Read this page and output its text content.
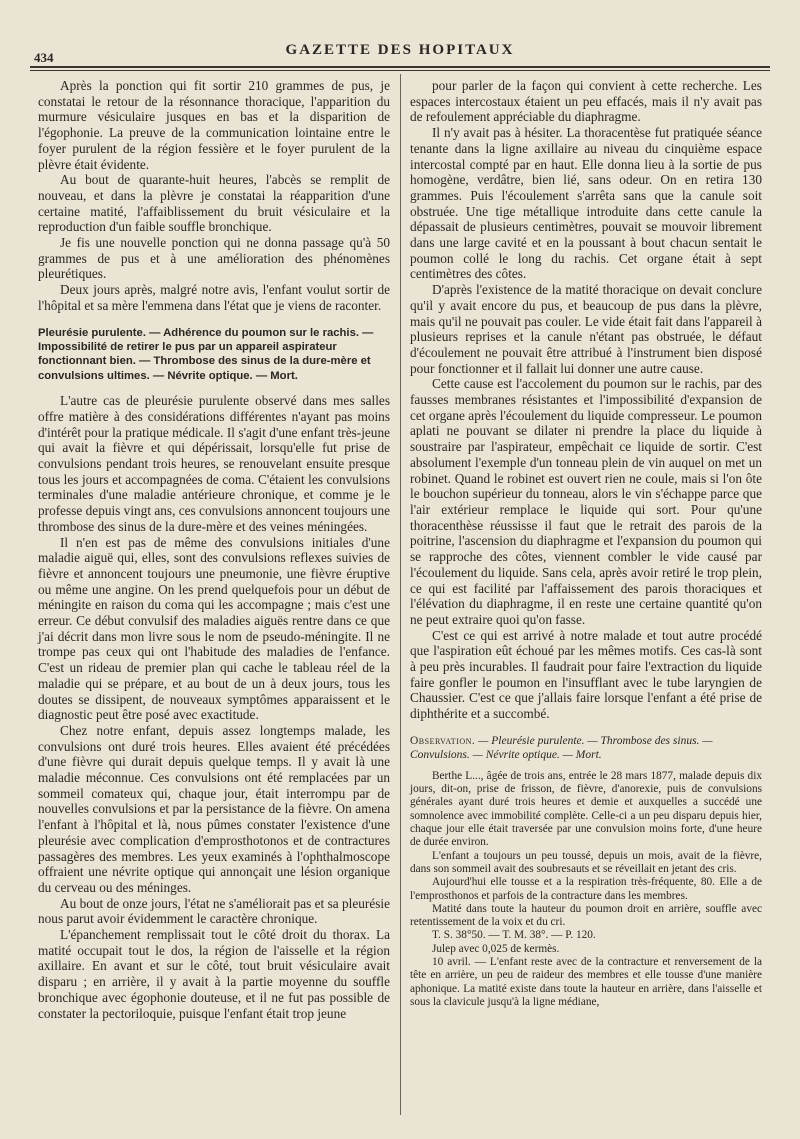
434	GAZETTE DES HOPITAUX

Après la ponction qui fit sortir 210 grammes de pus, je constatai le retour de la résonnance thoracique, l'apparition du murmure vésiculaire jusques en bas et la disparition de l'égophonie. La preuve de la communication lointaine entre le foyer purulent de la région fessière et le foyer purulent de la plèvre était évidente.

Au bout de quarante-huit heures, l'abcès se remplit de nouveau, et dans la plèvre je constatai la réapparition d'une certaine matité, l'affaiblissement du bruit vésiculaire et la reproduction d'un faible souffle bronchique.

Je fis une nouvelle ponction qui ne donna passage qu'à 50 grammes de pus et à une amélioration des phénomènes pleurétiques.

Deux jours après, malgré notre avis, l'enfant voulut sortir de l'hôpital et sa mère l'emmena dans l'état que je viens de raconter.

Pleurésie purulente. — Adhérence du poumon sur le rachis. — Impossibilité de retirer le pus par un appareil aspirateur fonctionnant bien. — Thrombose des sinus de la dure-mère et convulsions ultimes. — Névrite optique. — Mort.

L'autre cas de pleurésie purulente observé dans mes salles offre matière à des considérations différentes n'ayant pas moins d'intérêt pour la pratique médicale. Il s'agit d'une enfant très-jeune qui avait la fièvre et qui dépérissait, lorsqu'elle fut prise de convulsions pendant trois heures, se renouvelant ensuite presque tous les jours et accompagnées de coma. C'étaient les convulsions terminales d'une maladie antérieure chronique, et comme je le professe depuis vingt ans, ces convulsions annoncent toujours une thrombose des sinus de la dure-mère et des veines méningées.

Il n'en est pas de même des convulsions initiales d'une maladie aiguë qui, elles, sont des convulsions reflexes suivies de fièvre et annoncent toujours une pneumonie, une fièvre éruptive ou même une angine. On les prend quelquefois pour un début de méningite en raison du coma qui les accompagne ; mais c'est une erreur. Ce début convulsif des maladies aiguës rentre dans ce que j'ai décrit dans mon livre sous le nom de pseudo-méningite. Il ne trompe pas ceux qui ont l'habitude des maladies de l'enfance. C'est un rideau de premier plan qui cache le tableau réel de la maladie qui se prépare, et au bout de un à deux jours, tous les doutes se dissipent, de nouveaux symptômes apparaissent et le diagnostic peut être posé avec exactitude.

Chez notre enfant, depuis assez longtemps malade, les convulsions ont duré trois heures. Elles avaient été précédées d'une fièvre qui durait depuis quelque temps. Il y avait là une maladie méconnue. Ces convulsions ont été remplacées par un sommeil comateux qui, chaque jour, était interrompu par de nouvelles convulsions et par la persistance de la fièvre. On amena l'enfant à l'hôpital et là, nous pûmes constater l'existence d'une pleurésie avec complication d'emprosthotonos et de contractures passagères des membres. Les yeux examinés à l'ophthalmoscope offraient une névrite optique qui annonçait une lésion organique du cerveau ou des méninges.

Au bout de onze jours, l'état ne s'améliorait pas et sa pleurésie nous parut avoir évidemment le caractère chronique.

L'épanchement remplissait tout le côté droit du thorax. La matité occupait tout le dos, la région de l'aisselle et la région axillaire. En avant et sur le côté, tout bruit vésiculaire avait disparu ; en arrière, il y avait à la partie moyenne du souffle bronchique avec égophonie douteuse, et il ne fut pas possible de constater la pectoriloquie, puisque l'enfant était trop jeune

pour parler de la façon qui convient à cette recherche. Les espaces intercostaux étaient un peu effacés, mais il n'y avait pas de refoulement appréciable du diaphragme.

Il n'y avait pas à hésiter. La thoracentèse fut pratiquée séance tenante dans la ligne axillaire au niveau du cinquième espace intercostal compté par en haut. Elle donna lieu à la sortie de pus homogène, verdâtre, bien lié, sans odeur. On en retira 130 grammes. Puis l'écoulement s'arrêta sans que la canule soit obstruée. Une tige métallique introduite dans cette canule la dépassait de plusieurs centimètres, pouvait se mouvoir librement dans une large cavité et en la poussant à bout chacun sentait le poumon collé le long du rachis. Cet organe était à sept centimètres des côtes.

D'après l'existence de la matité thoracique on devait conclure qu'il y avait encore du pus, et beaucoup de pus dans la plèvre, mais qu'il ne pouvait pas couler. Le vide était fait dans l'appareil à plusieurs reprises et la canule n'étant pas obstruée, le défaut d'écoulement ne pouvait être attribué à l'instrument bien disposé pour fonctionner et il fallait lui donner une autre cause.

Cette cause est l'accolement du poumon sur le rachis, par des fausses membranes résistantes et l'impossibilité d'expansion de cet organe après l'écoulement du liquide compresseur. Le poumon aplati ne pouvant se dilater ni prendre la place du liquide à soustraire par l'aspirateur, empêchait ce liquide de sortir. C'est absolument l'exemple d'un tonneau plein de vin auquel on met un robinet. Quand le robinet est ouvert rien ne coule, mais si l'on ôte le bouchon supérieur du tonneau, alors le vin s'échappe parce que l'air extérieur remplace le liquide qui sort. Pour qu'une thoracenthèse réussisse il faut que le retrait des parois de la poitrine, l'ascension du diaphragme et l'expansion du poumon qui se rapproche des côtes, viennent combler le vide causé par l'écoulement du liquide. Sans cela, après avoir retiré le trop plein, ce qui est facilité par l'affaissement des parois thoraciques et l'élévation du diaphragme, il en reste une certaine quantité qu'on ne peut extraire quoi qu'on fasse.

C'est ce qui est arrivé à notre malade et tout autre procédé que l'aspiration eût échoué par les mêmes motifs. Ces cas-là sont à peu près incurables. Il faudrait pour faire l'extraction du liquide faire gonfler le poumon en l'insufflant avec le tube laryngien de Chaussier. C'est ce que j'allais faire lorsque l'enfant a été prise de diphthérite et a succombé.

Observation. — Pleurésie purulente. — Thrombose des sinus. — Convulsions. — Névrite optique. — Mort.

Berthe L..., âgée de trois ans, entrée le 28 mars 1877, malade depuis dix jours, dit-on, prise de frisson, de fièvre, d'anorexie, puis de convulsions générales ayant duré trois heures et demie et auxquelles a succédé une somnolence avec immobilité complète. Celle-ci a un peu disparu depuis hier, chaque jour elle était traversée par une convulsion moins forte, d'une heure de durée environ.

L'enfant a toujours un peu toussé, depuis un mois, avait de la fièvre, dans son sommeil avait des soubresauts et se réveillait en jetant des cris.

Aujourd'hui elle tousse et a la respiration très-fréquente, 80. Elle a de l'emprosthonos et parfois de la contracture dans les membres.

Matité dans toute la hauteur du poumon droit en arrière, souffle avec retentissement de la voix et du cri.

T. S. 38°50. — T. M. 38°. — P. 120.

Julep avec 0,025 de kermès.

10 avril. — L'enfant reste avec de la contracture et renversement de la tête en arrière, un peu de raideur des membres et elle tousse d'une manière aphonique. La matité existe dans toute la hauteur en arrière, dans l'aisselle et sous la clavicule jusqu'à la ligne médiane,
